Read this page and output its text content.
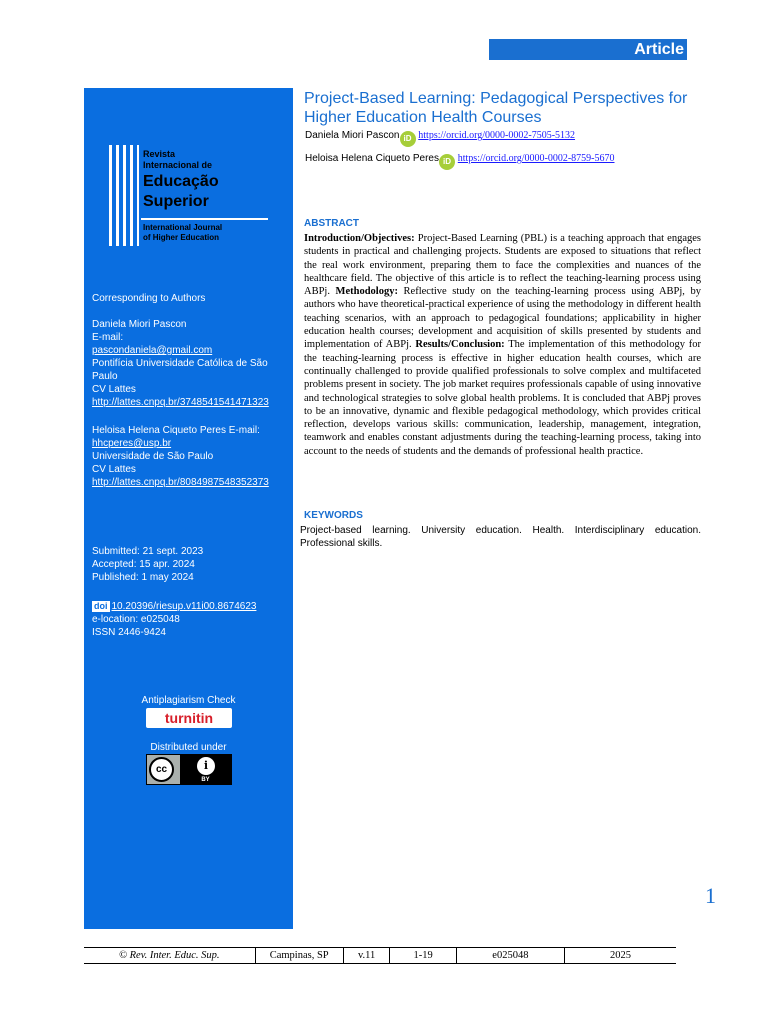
Article
Revista
Internacional de
Educação
Superior
International Journal
of Higher Education
Corresponding to Authors
Daniela Miori Pascon
E-mail:
pascondaniela@gmail.com
Pontifícia Universidade Católica de São Paulo
CV Lattes
http://lattes.cnpq.br/3748541541471323
Heloisa Helena Ciqueto Peres E-mail:
hhcperes@usp.br
Universidade de São Paulo
CV Lattes
http://lattes.cnpq.br/8084987548352373
Submitted: 21 sept. 2023
Accepted: 15 apr. 2024
Published: 1 may 2024
doi 10.20396/riesup.v11i00.8674623
e-location: e025048
ISSN 2446-9424
Antiplagiarism Check
turnitin
Distributed under
cc	i
BY
Project-Based Learning: Pedagogical Perspectives for Higher Education Health Courses
Daniela Miori Pascon iD https://orcid.org/0000-0002-7505-5132
Heloisa Helena Ciqueto Peres iD https://orcid.org/0000-0002-8759-5670
ABSTRACT
Introduction/Objectives: Project-Based Learning (PBL) is a teaching approach that engages students in practical and challenging projects. Students are exposed to situations that reflect the real work environment, preparing them to face the complexities and nuances of the healthcare field. The objective of this article is to reflect the teaching-learning process using ABPj. Methodology: Reflective study on the teaching-learning process using ABPj, by authors who have theoretical-practical experience of using the methodology in different health teaching scenarios, with an approach to pedagogical foundations; applicability in higher education health courses; development and acquisition of skills presented by students and implementation of ABPj. Results/Conclusion: The implementation of this methodology for the teaching-learning process is effective in higher education health courses, which are continually challenged to provide qualified professionals to solve complex and multifaceted problems present in society. The job market requires professionals capable of using innovative and technological strategies to solve global health problems. It is concluded that ABPj proves to be an innovative, dynamic and flexible pedagogical methodology, which provides critical reflection, develops various skills: communication, leadership, management, integration, teamwork and enables constant adjustments during the teaching-learning process, taking into account to the needs of students and the demands of professional health practice.
KEYWORDS
Project-based learning. University education. Health. Interdisciplinary education. Professional skills.
1
© Rev. Inter. Educ. Sup.	Campinas, SP	v.11	1-19	e025048	2025
